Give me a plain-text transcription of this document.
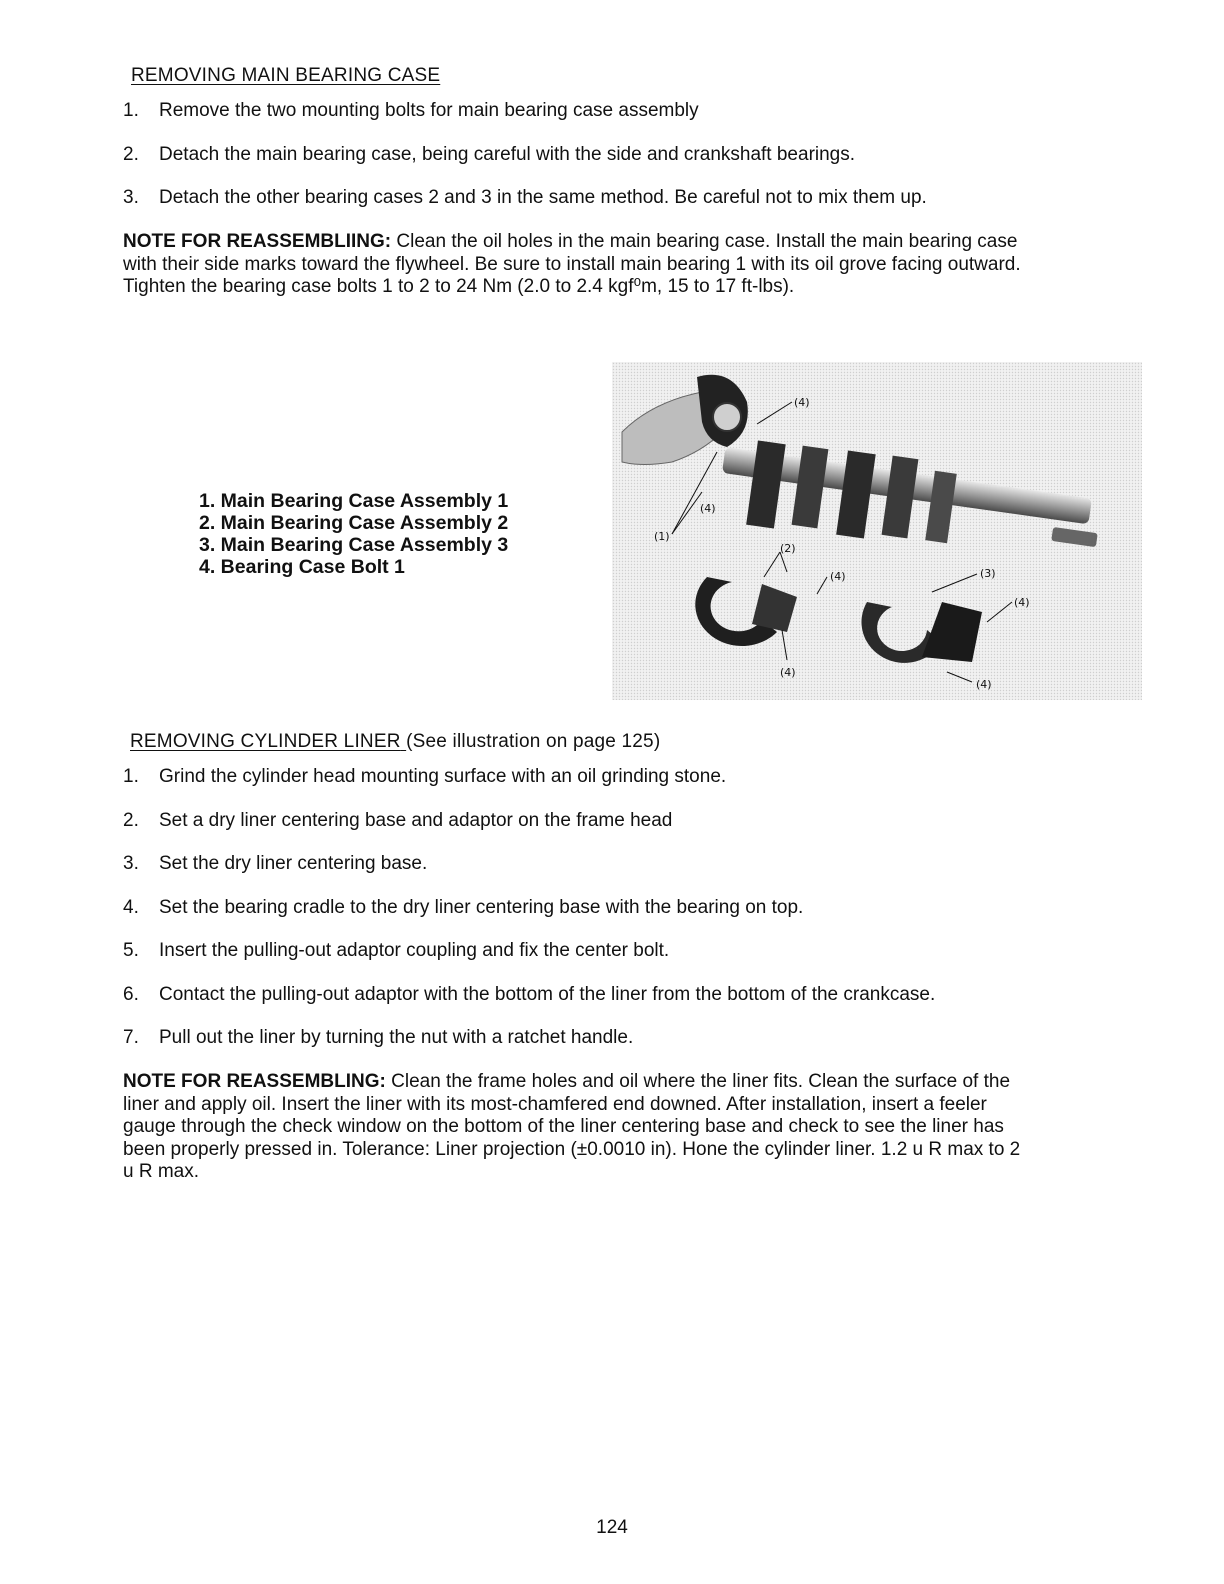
REMOVING MAIN BEARING CASE
1. Remove the two mounting bolts for main bearing case assembly
2. Detach the main bearing case, being careful with the side and crankshaft bearings.
3. Detach the other bearing cases 2 and 3 in the same method. Be careful not to mix them up.
NOTE FOR REASSEMBLIING: Clean the oil holes in the main bearing case. Install the main bearing case with their side marks toward the flywheel. Be sure to install main bearing 1 with its oil grove facing outward. Tighten the bearing case bolts 1 to 2 to 24 Nm (2.0 to 2.4 kgf⁰m, 15 to 17 ft-lbs).
1. Main Bearing Case Assembly 1
2. Main Bearing Case Assembly 2
3. Main Bearing Case Assembly 3
4. Bearing Case Bolt 1
(4)
(4)
(1)
(2)
(4)	(3)
(4)
(4)
(4)
REMOVING CYLINDER LINER (See illustration on page 125)
1. Grind the cylinder head mounting surface with an oil grinding stone.
2. Set a dry liner centering base and adaptor on the frame head
3. Set the dry liner centering base.
4. Set the bearing cradle to the dry liner centering base with the bearing on top.
5. Insert the pulling-out adaptor coupling and fix the center bolt.
6. Contact the pulling-out adaptor with the bottom of the liner from the bottom of the crankcase.
7. Pull out the liner by turning the nut with a ratchet handle.
NOTE FOR REASSEMBLING: Clean the frame holes and oil where the liner fits. Clean the surface of the liner and apply oil. Insert the liner with its most-chamfered end downed. After installation, insert a feeler gauge through the check window on the bottom of the liner centering base and check to see the liner has been properly pressed in. Tolerance: Liner projection (±0.0010 in). Hone the cylinder liner. 1.2 u R max to 2 u R max.
124
